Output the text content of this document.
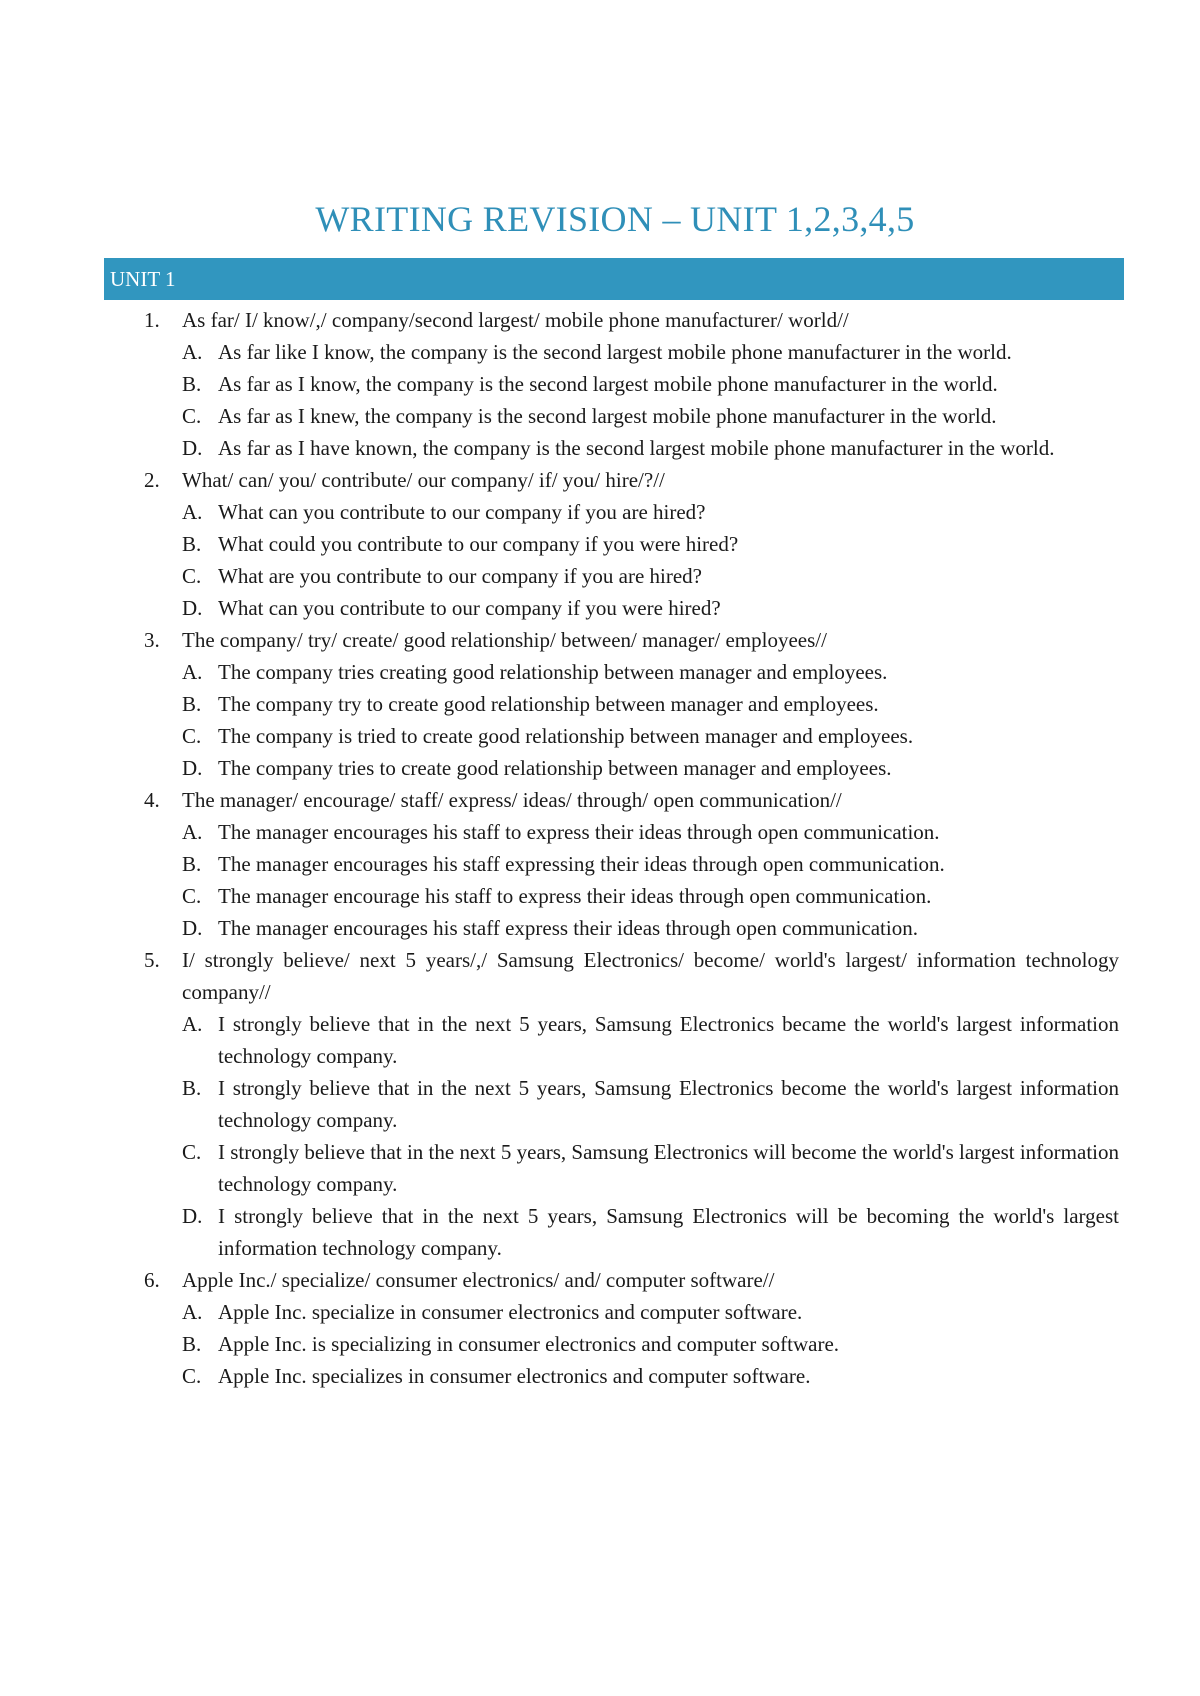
WRITING REVISION – UNIT 1,2,3,4,5
UNIT 1
1. As far/ I/ know/,/ company/second largest/ mobile phone manufacturer/ world//
A. As far like I know, the company is the second largest mobile phone manufacturer in the world.
B. As far as I know, the company is the second largest mobile phone manufacturer in the world.
C. As far as I knew, the company is the second largest mobile phone manufacturer in the world.
D. As far as I have known, the company is the second largest mobile phone manufacturer in the world.
2. What/ can/ you/ contribute/ our company/ if/ you/ hire/?//
A. What can you contribute to our company if you are hired?
B. What could you contribute to our company if you were hired?
C. What are you contribute to our company if you are hired?
D. What can you contribute to our company if you were hired?
3. The company/ try/ create/ good relationship/ between/ manager/ employees//
A. The company tries creating good relationship between manager and employees.
B. The company try to create good relationship between manager and employees.
C. The company is tried to create good relationship between manager and employees.
D. The company tries to create good relationship between manager and employees.
4. The manager/ encourage/ staff/ express/ ideas/ through/ open communication//
A. The manager encourages his staff to express their ideas through open communication.
B. The manager encourages his staff expressing their ideas through open communication.
C. The manager encourage his staff to express their ideas through open communication.
D. The manager encourages his staff express their ideas through open communication.
5. I/ strongly believe/ next 5 years/,/ Samsung Electronics/ become/ world's largest/ information technology company//
A. I strongly believe that in the next 5 years, Samsung Electronics became the world's largest information technology company.
B. I strongly believe that in the next 5 years, Samsung Electronics become the world's largest information technology company.
C. I strongly believe that in the next 5 years, Samsung Electronics will become the world's largest information technology company.
D. I strongly believe that in the next 5 years, Samsung Electronics will be becoming the world's largest information technology company.
6. Apple Inc./ specialize/ consumer electronics/ and/ computer software//
A. Apple Inc. specialize in consumer electronics and computer software.
B. Apple Inc. is specializing in consumer electronics and computer software.
C. Apple Inc. specializes in consumer electronics and computer software.
